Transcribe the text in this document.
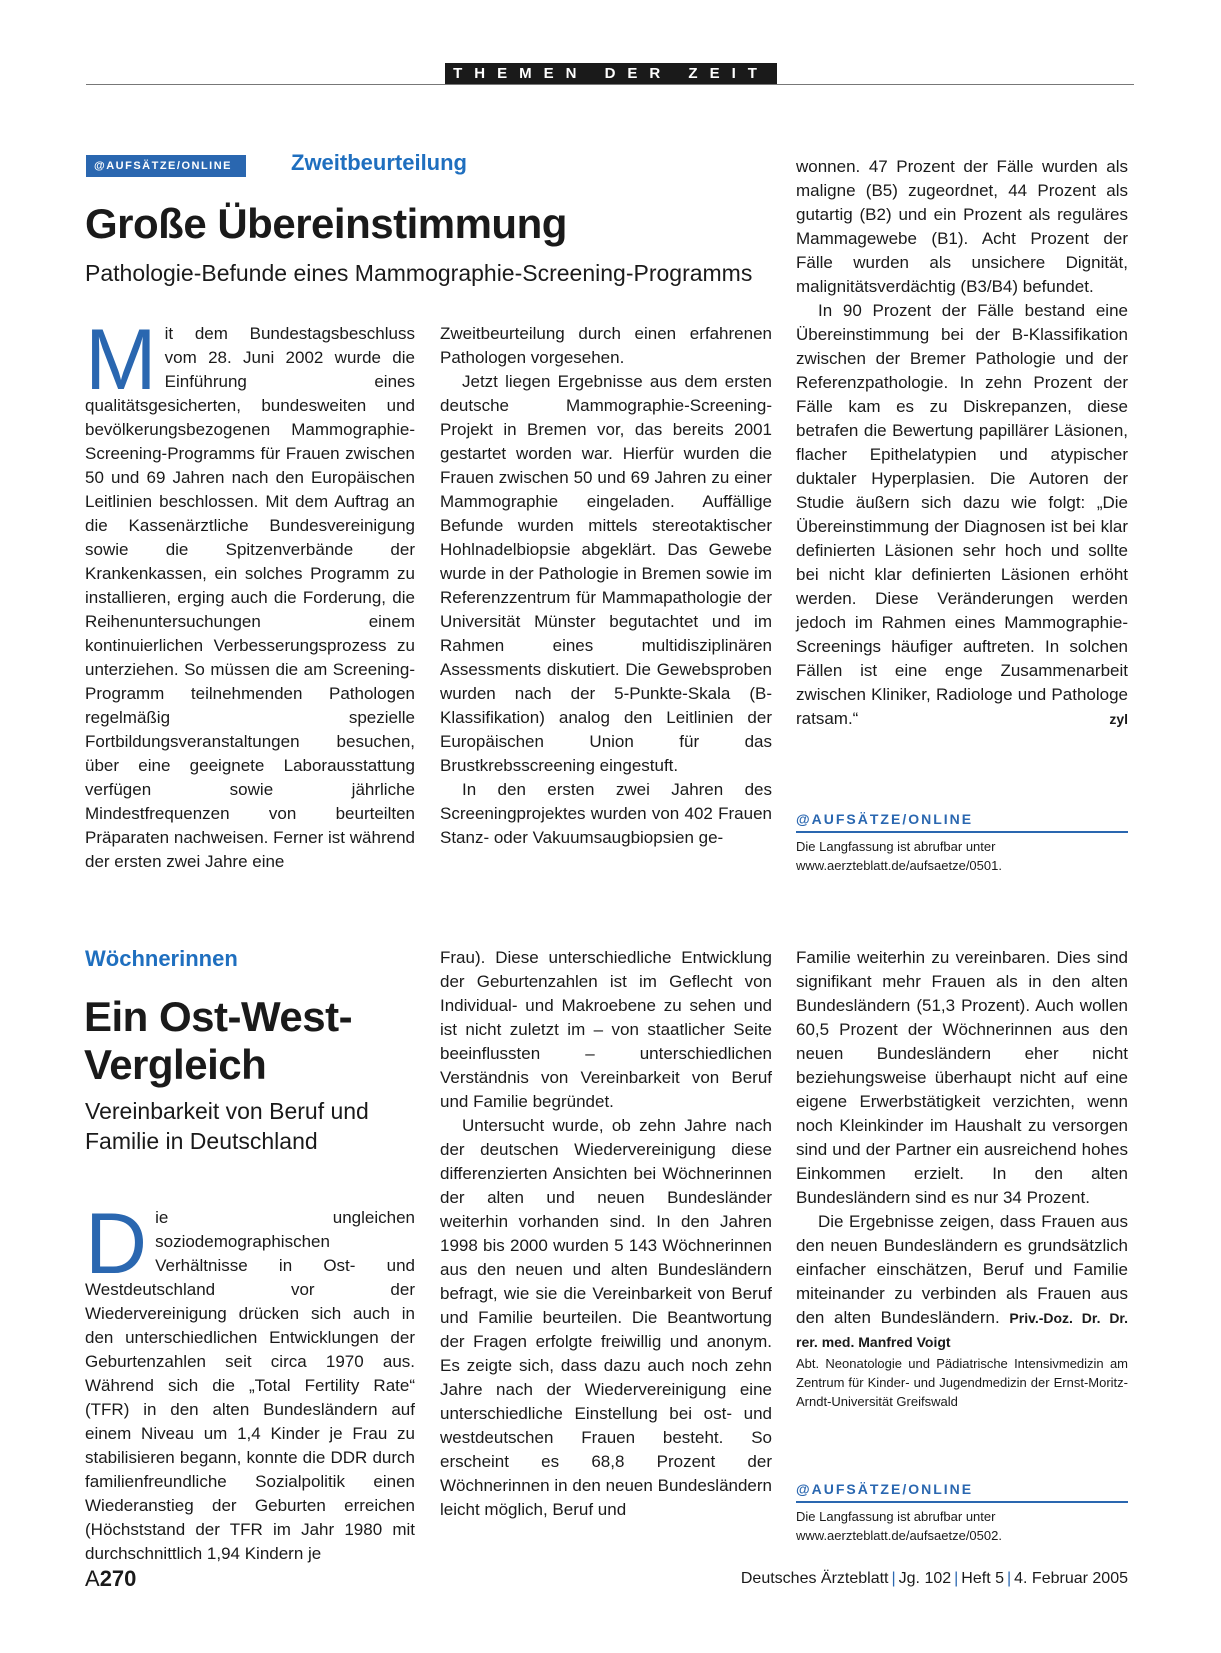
THEMEN DER ZEIT
@AUFSÄTZE/ONLINE	Zweitbeurteilung
Große Übereinstimmung
Pathologie-Befunde eines Mammographie-Screening-Programms
M it dem Bundestagsbeschluss vom 28. Juni 2002 wurde die Einführung eines qualitätsgesicherten, bundesweiten und bevölkerungsbezogenen Mammographie-Screening-Programms für Frauen zwischen 50 und 69 Jahren nach den Europäischen Leitlinien beschlossen. Mit dem Auftrag an die Kassenärztliche Bundesvereinigung sowie die Spitzenverbände der Krankenkassen, ein solches Programm zu installieren, erging auch die Forderung, die Reihenuntersuchungen einem kontinuierlichen Verbesserungsprozess zu unterziehen. So müssen die am Screening-Programm teilnehmenden Pathologen regelmäßig spezielle Fortbildungsveranstaltungen besuchen, über eine geeignete Laborausstattung verfügen sowie jährliche Mindestfrequenzen von beurteilten Präparaten nachweisen. Ferner ist während der ersten zwei Jahre eine

Zweitbeurteilung durch einen erfahrenen Pathologen vorgesehen.

Jetzt liegen Ergebnisse aus dem ersten deutsche Mammographie-Screening-Projekt in Bremen vor, das bereits 2001 gestartet worden war. Hierfür wurden die Frauen zwischen 50 und 69 Jahren zu einer Mammographie eingeladen. Auffällige Befunde wurden mittels stereotaktischer Hohlnadelbiopsie abgeklärt. Das Gewebe wurde in der Pathologie in Bremen sowie im Referenzzentrum für Mammapathologie der Universität Münster begutachtet und im Rahmen eines multidisziplinären Assessments diskutiert. Die Gewebsproben wurden nach der 5-Punkte-Skala (B-Klassifikation) analog den Leitlinien der Europäischen Union für das Brustkrebsscreening eingestuft.

In den ersten zwei Jahren des Screeningprojektes wurden von 402 Frauen Stanz- oder Vakuumsaugbiopsien ge-

wonnen. 47 Prozent der Fälle wurden als maligne (B5) zugeordnet, 44 Prozent als gutartig (B2) und ein Prozent als reguläres Mammagewebe (B1). Acht Prozent der Fälle wurden als unsichere Dignität, malignitätsverdächtig (B3/B4) befundet.

In 90 Prozent der Fälle bestand eine Übereinstimmung bei der B-Klassifikation zwischen der Bremer Pathologie und der Referenzpathologie. In zehn Prozent der Fälle kam es zu Diskrepanzen, diese betrafen die Bewertung papillärer Läsionen, flacher Epithelatypien und atypischer duktaler Hyperplasien. Die Autoren der Studie äußern sich dazu wie folgt: „Die Übereinstimmung der Diagnosen ist bei klar definierten Läsionen sehr hoch und sollte bei nicht klar definierten Läsionen erhöht werden. Diese Veränderungen werden jedoch im Rahmen eines Mammographie-Screenings häufiger auftreten. In solchen Fällen ist eine enge Zusammenarbeit zwischen Kliniker, Radiologe und Pathologe ratsam.“	zyl

@AUFSÄTZE/ONLINE
Die Langfassung ist abrufbar unter www.aerzteblatt.de/aufsaetze/0501.
Wöchnerinnen
Ein Ost-West-
Vergleich
Vereinbarkeit von Beruf und
Familie in Deutschland
D ie ungleichen soziodemographischen Verhältnisse in Ost- und Westdeutschland vor der Wiedervereinigung drücken sich auch in den unterschiedlichen Entwicklungen der Geburtenzahlen seit circa 1970 aus. Während sich die „Total Fertility Rate“ (TFR) in den alten Bundesländern auf einem Niveau um 1,4 Kinder je Frau zu stabilisieren begann, konnte die DDR durch familienfreundliche Sozialpolitik einen Wiederanstieg der Geburten erreichen (Höchststand der TFR im Jahr 1980 mit durchschnittlich 1,94 Kindern je

Frau). Diese unterschiedliche Entwicklung der Geburtenzahlen ist im Geflecht von Individual- und Makroebene zu sehen und ist nicht zuletzt im – von staatlicher Seite beeinflussten – unterschiedlichen Verständnis von Vereinbarkeit von Beruf und Familie begründet.

Untersucht wurde, ob zehn Jahre nach der deutschen Wiedervereinigung diese differenzierten Ansichten bei Wöchnerinnen der alten und neuen Bundesländer weiterhin vorhanden sind. In den Jahren 1998 bis 2000 wurden 5 143 Wöchnerinnen aus den neuen und alten Bundesländern befragt, wie sie die Vereinbarkeit von Beruf und Familie beurteilen. Die Beantwortung der Fragen erfolgte freiwillig und anonym. Es zeigte sich, dass dazu auch noch zehn Jahre nach der Wiedervereinigung eine unterschiedliche Einstellung bei ost- und westdeutschen Frauen besteht. So erscheint es 68,8 Prozent der Wöchnerinnen in den neuen Bundesländern leicht möglich, Beruf und

Familie weiterhin zu vereinbaren. Dies sind signifikant mehr Frauen als in den alten Bundesländern (51,3 Prozent). Auch wollen 60,5 Prozent der Wöchnerinnen aus den neuen Bundesländern eher nicht beziehungsweise überhaupt nicht auf eine eigene Erwerbstätigkeit verzichten, wenn noch Kleinkinder im Haushalt zu versorgen sind und der Partner ein ausreichend hohes Einkommen erzielt. In den alten Bundesländern sind es nur 34 Prozent.

Die Ergebnisse zeigen, dass Frauen aus den neuen Bundesländern es grundsätzlich einfacher einschätzen, Beruf und Familie miteinander zu verbinden als Frauen aus den alten Bundesländern. Priv.-Doz. Dr. Dr. rer. med. Manfred Voigt

Abt. Neonatologie und Pädiatrische Intensivmedizin am Zentrum für Kinder- und Jugendmedizin der Ernst-Moritz-Arndt-Universität Greifswald
@AUFSÄTZE/ONLINE
Die Langfassung ist abrufbar unter www.aerzteblatt.de/aufsaetze/0502.
A270	Deutsches Ärzteblatt | Jg. 102 | Heft 5 | 4. Februar 2005
